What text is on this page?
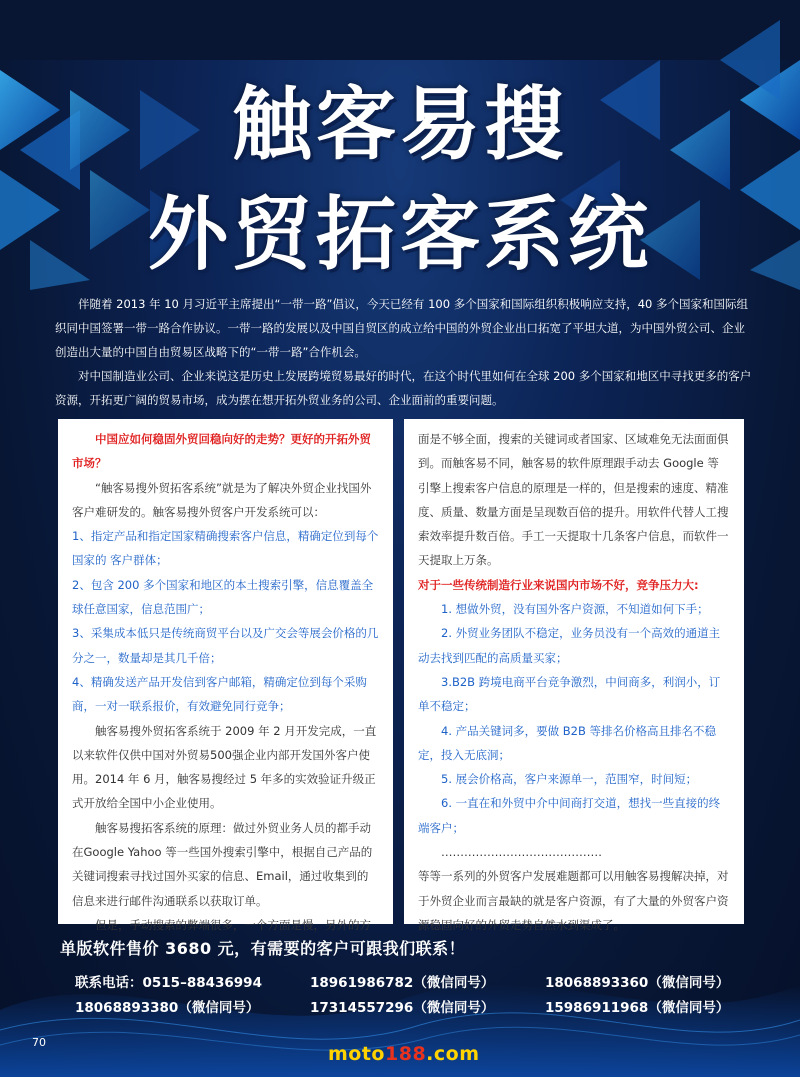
触客易搜
外贸拓客系统

伴随着 2013 年 10 月习近平主席提出“一带一路”倡议，今天已经有 100 多个国家和国际组织积极响应支持，40 多个国家和国际组织同中国签署一带一路合作协议。一带一路的发展以及中国自贸区的成立给中国的外贸企业出口拓宽了平坦大道，为中国外贸公司、企业创造出大量的中国自由贸易区战略下的“一带一路”合作机会。

对中国制造业公司、企业来说这是历史上发展跨境贸易最好的时代，在这个时代里如何在全球 200 多个国家和地区中寻找更多的客户资源，开拓更广阔的贸易市场，成为摆在想开拓外贸业务的公司、企业面前的重要问题。

中国应如何稳固外贸回稳向好的走势？更好的开拓外贸市场？

“触客易搜外贸拓客系统”就是为了解决外贸企业找国外客户难研发的。触客易搜外贸客户开发系统可以：

1、指定产品和指定国家精确搜索客户信息，精确定位到每个国家的 客户群体；

2、包含 200 多个国家和地区的本土搜索引擎，信息覆盖全球任意国家，信息范围广；

3、采集成本低只是传统商贸平台以及广交会等展会价格的几分之一，数量却是其几千倍；

4、精确发送产品开发信到客户邮箱，精确定位到每个采购商，一对一联系报价，有效避免同行竞争；

触客易搜外贸拓客系统于 2009 年 2 月开发完成，一直以来软件仅供中国对外贸易500强企业内部开发国外客户使用。2014 年 6 月，触客易搜经过 5 年多的实效验证升级正式开放给全国中小企业使用。

触客易搜拓客系统的原理：做过外贸业务人员的都手动在Google Yahoo 等一些国外搜索引擎中，根据自己产品的关键词搜索寻找过国外买家的信息、Email，通过收集到的信息来进行邮件沟通联系以获取订单。

但是，手动搜索的弊端很多，一个方面是慢，另外的方

面是不够全面，搜索的关键词或者国家、区域难免无法面面俱到。而触客易不同，触客易的软件原理跟手动去 Google 等引擎上搜索客户信息的原理是一样的，但是搜索的速度、精准度、质量、数量方面是呈现数百倍的提升。用软件代替人工搜索效率提升数百倍。手工一天提取十几条客户信息，而软件一天提取上万条。

对于一些传统制造行业来说国内市场不好，竞争压力大:

1. 想做外贸，没有国外客户资源，不知道如何下手；

2. 外贸业务团队不稳定，业务员没有一个高效的通道主动去找到匹配的高质量买家；

3.B2B 跨境电商平台竞争激烈，中间商多，利润小，订单不稳定；

4. 产品关键词多，要做 B2B 等排名价格高且排名不稳定，投入无底洞；

5. 展会价格高，客户来源单一，范围窄，时间短；

6. 一直在和外贸中介中间商打交道，想找一些直接的终端客户；

……………………………………

等等一系列的外贸客户发展难题都可以用触客易搜解决掉，对于外贸企业而言最缺的就是客户资源，有了大量的外贸客户资源稳固向好的外贸走势自然水到渠成了。

单版软件售价 3680 元，有需要的客户可跟我们联系！
联系电话：0515–88436994	18961986782（微信同号）	18068893360（微信同号）
18068893380（微信同号）	17314557296（微信同号）	15986911968（微信同号）
70
moto188.com
